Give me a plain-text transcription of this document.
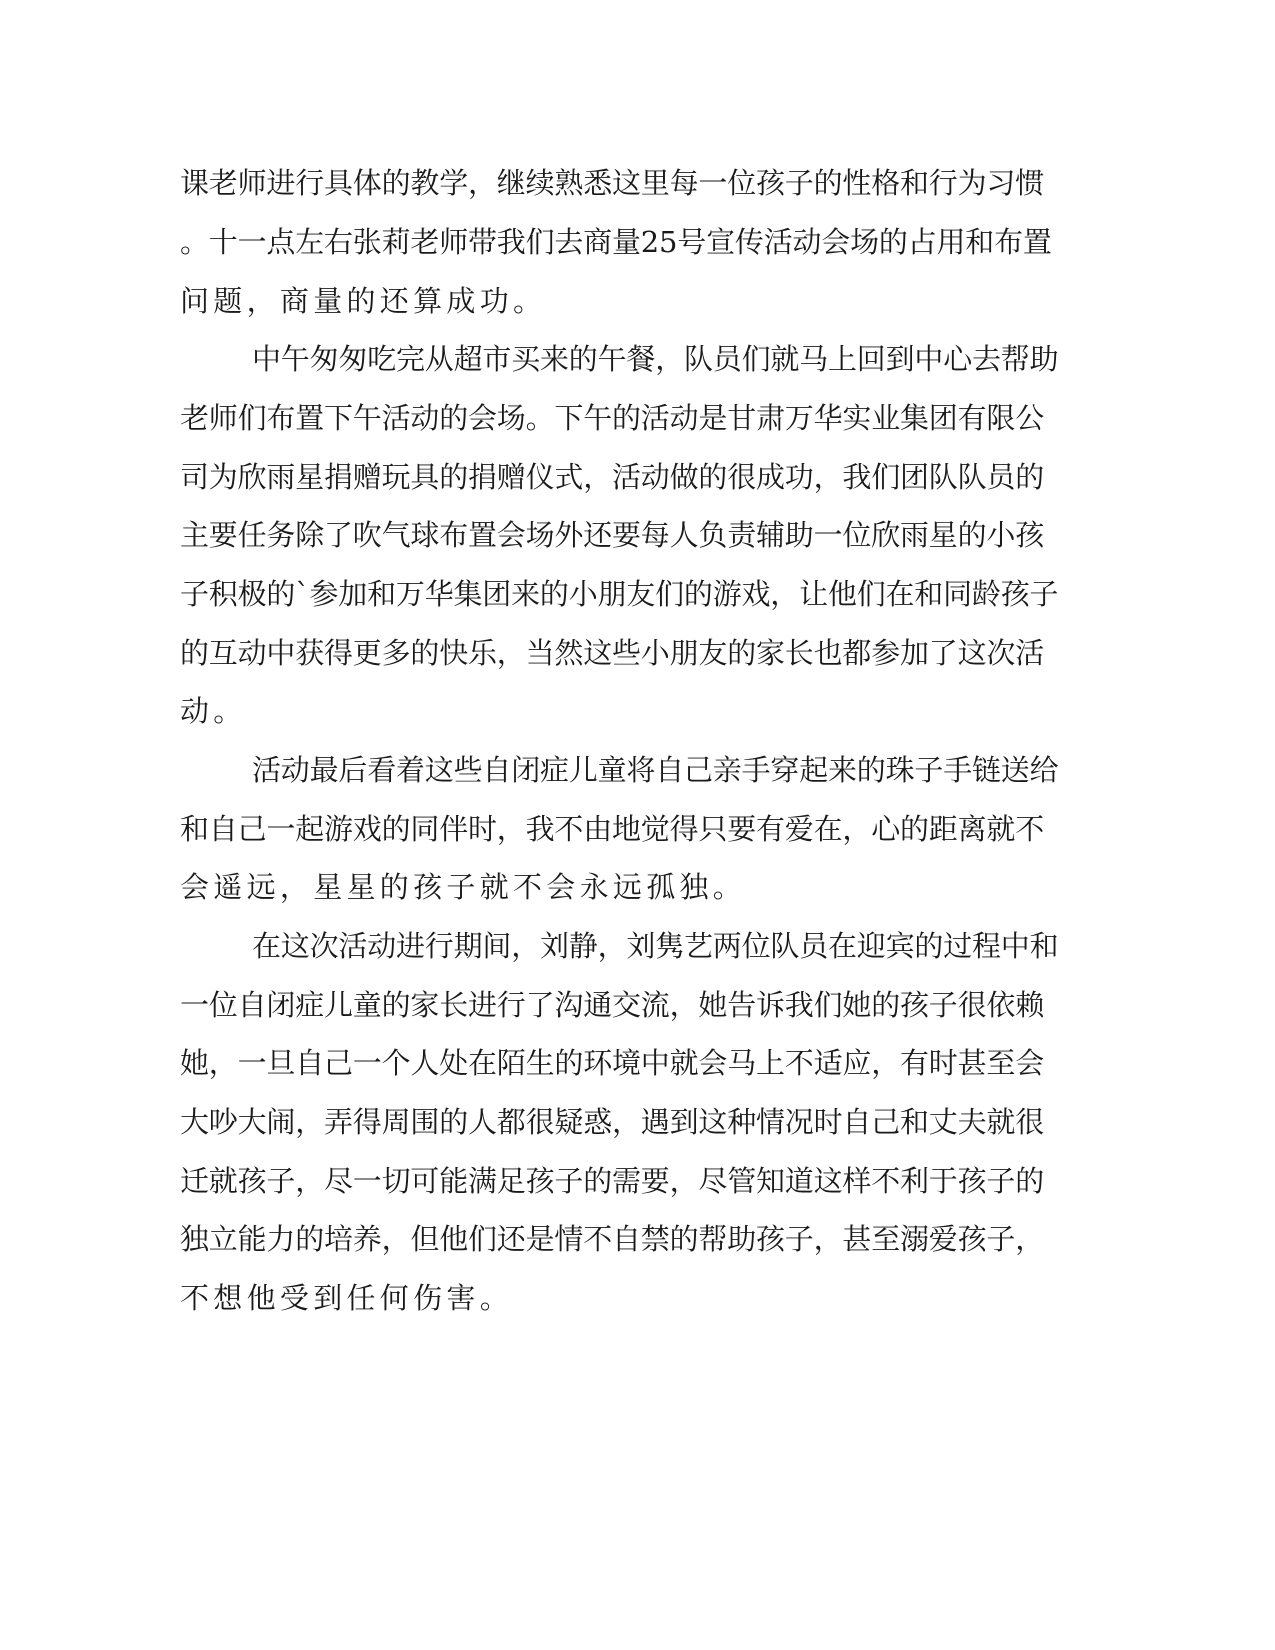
课老师进行具体的教学，继续熟悉这里每一位孩子的性格和行为习惯

。十一点左右张莉老师带我们去商量25号宣传活动会场的占用和布置

问题，商量的还算成功。

中午匆匆吃完从超市买来的午餐，队员们就马上回到中心去帮助

老师们布置下午活动的会场。下午的活动是甘肃万华实业集团有限公

司为欣雨星捐赠玩具的捐赠仪式，活动做的很成功，我们团队队员的

主要任务除了吹气球布置会场外还要每人负责辅助一位欣雨星的小孩

子积极的`参加和万华集团来的小朋友们的游戏，让他们在和同龄孩子

的互动中获得更多的快乐，当然这些小朋友的家长也都参加了这次活

动。

活动最后看着这些自闭症儿童将自己亲手穿起来的珠子手链送给

和自己一起游戏的同伴时，我不由地觉得只要有爱在，心的距离就不

会遥远，星星的孩子就不会永远孤独。

在这次活动进行期间，刘静，刘隽艺两位队员在迎宾的过程中和

一位自闭症儿童的家长进行了沟通交流，她告诉我们她的孩子很依赖

她，一旦自己一个人处在陌生的环境中就会马上不适应，有时甚至会

大吵大闹，弄得周围的人都很疑惑，遇到这种情况时自己和丈夫就很

迁就孩子，尽一切可能满足孩子的需要，尽管知道这样不利于孩子的

独立能力的培养，但他们还是情不自禁的帮助孩子，甚至溺爱孩子，

不想他受到任何伤害。
